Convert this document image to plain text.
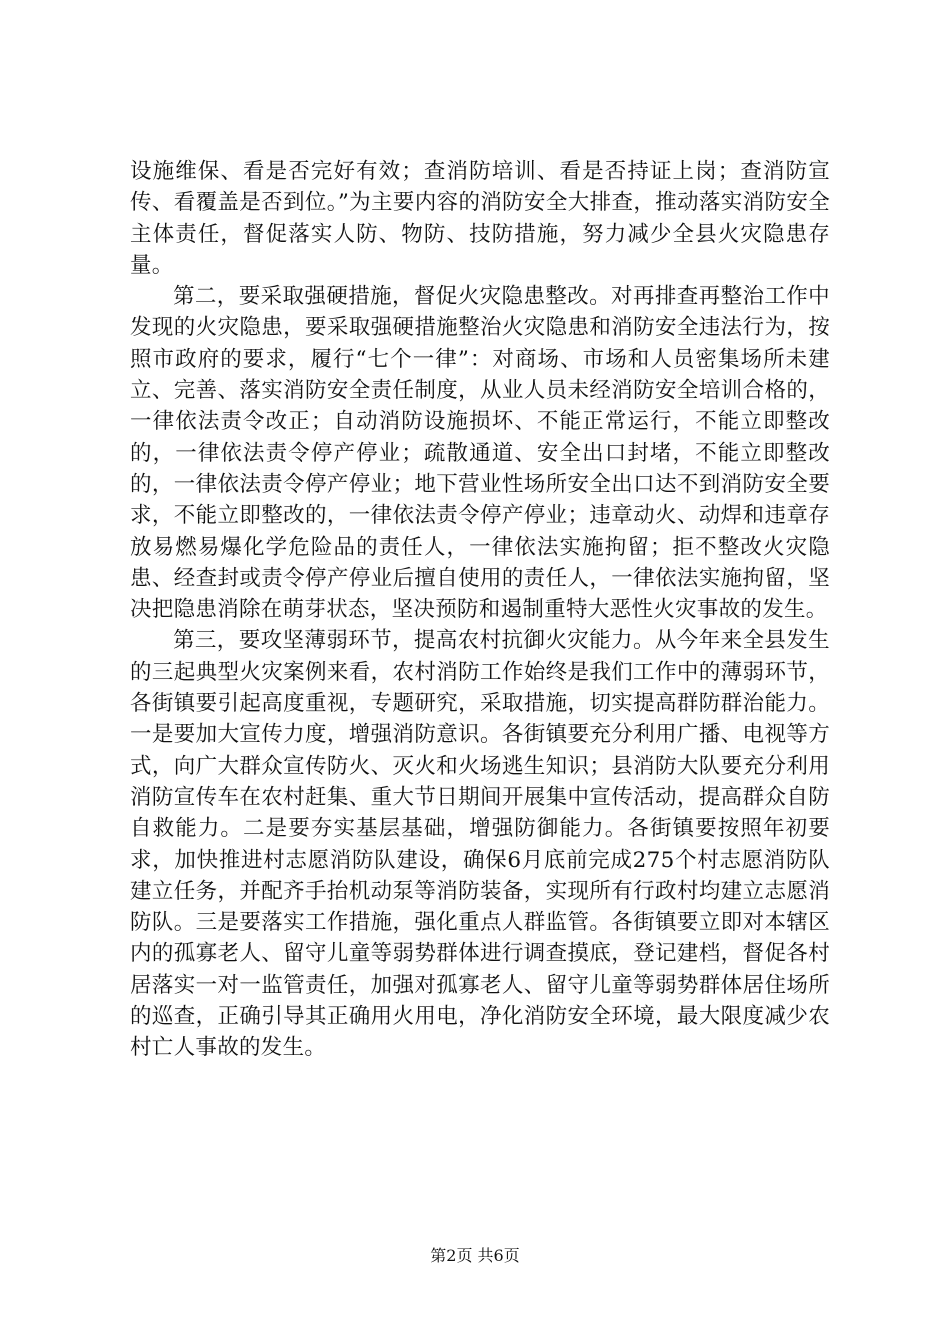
设施维保、看是否完好有效；查消防培训、看是否持证上岗；查消防宣传、看覆盖是否到位。”为主要内容的消防安全大排查，推动落实消防安全主体责任，督促落实人防、物防、技防措施，努力减少全县火灾隐患存量。

第二，要采取强硬措施，督促火灾隐患整改。对再排查再整治工作中发现的火灾隐患，要采取强硬措施整治火灾隐患和消防安全违法行为，按照市政府的要求，履行“七个一律”：对商场、市场和人员密集场所未建立、完善、落实消防安全责任制度，从业人员未经消防安全培训合格的，一律依法责令改正；自动消防设施损坏、不能正常运行，不能立即整改的，一律依法责令停产停业；疏散通道、安全出口封堵，不能立即整改的，一律依法责令停产停业；地下营业性场所安全出口达不到消防安全要求，不能立即整改的，一律依法责令停产停业；违章动火、动焊和违章存放易燃易爆化学危险品的责任人，一律依法实施拘留；拒不整改火灾隐患、经查封或责令停产停业后擅自使用的责任人，一律依法实施拘留，坚决把隐患消除在萌芽状态，坚决预防和遏制重特大恶性火灾事故的发生。

第三，要攻坚薄弱环节，提高农村抗御火灾能力。从今年来全县发生的三起典型火灾案例来看，农村消防工作始终是我们工作中的薄弱环节，各街镇要引起高度重视，专题研究，采取措施，切实提高群防群治能力。一是要加大宣传力度，增强消防意识。各街镇要充分利用广播、电视等方式，向广大群众宣传防火、灭火和火场逃生知识；县消防大队要充分利用消防宣传车在农村赶集、重大节日期间开展集中宣传活动，提高群众自防自救能力。二是要夯实基层基础，增强防御能力。各街镇要按照年初要求，加快推进村志愿消防队建设，确保6月底前完成275个村志愿消防队建立任务，并配齐手抬机动泵等消防装备，实现所有行政村均建立志愿消防队。三是要落实工作措施，强化重点人群监管。各街镇要立即对本辖区内的孤寡老人、留守儿童等弱势群体进行调查摸底，登记建档，督促各村居落实一对一监管责任，加强对孤寡老人、留守儿童等弱势群体居住场所的巡查，正确引导其正确用火用电，净化消防安全环境，最大限度减少农村亡人事故的发生。

第2页 共6页
